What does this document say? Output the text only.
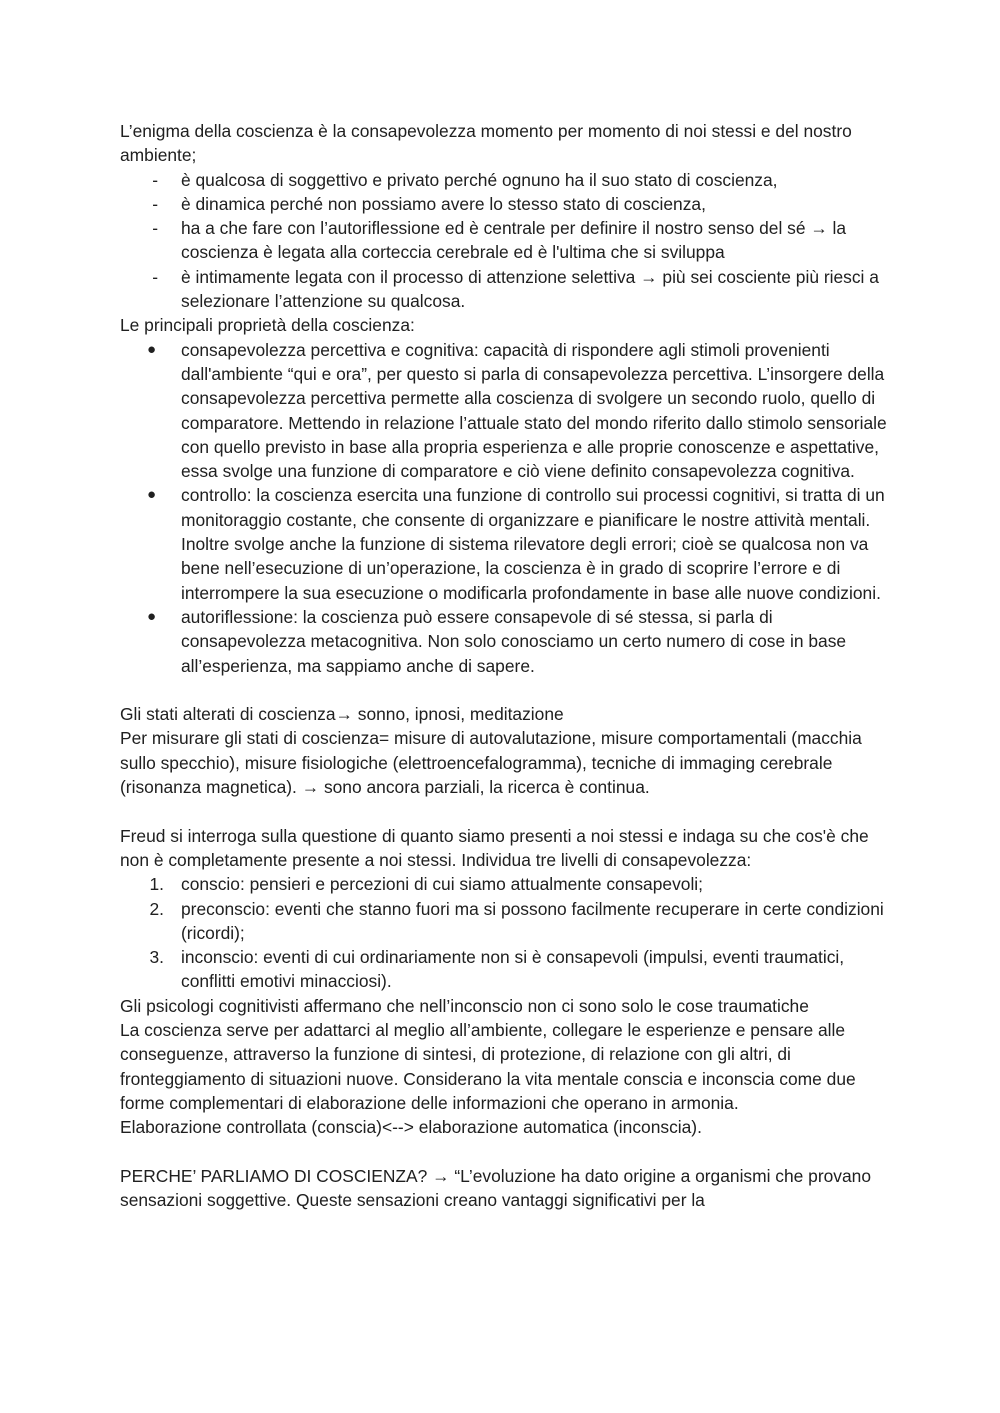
L’enigma della coscienza è la consapevolezza momento per momento di noi stessi e del nostro ambiente;

- è qualcosa di soggettivo e privato perché ognuno ha il suo stato di coscienza,
- è dinamica perché non possiamo avere lo stesso stato di coscienza,
- ha a che fare con l’autoriflessione ed è centrale per definire il nostro senso del sé → la coscienza è legata alla corteccia cerebrale ed è l'ultima che si sviluppa
- è intimamente legata con il processo di attenzione selettiva → più sei cosciente più riesci a selezionare l’attenzione su qualcosa.

Le principali proprietà della coscienza:

● consapevolezza percettiva e cognitiva: capacità di rispondere agli stimoli provenienti dall'ambiente “qui e ora”, per questo si parla di consapevolezza percettiva. L’insorgere della consapevolezza percettiva permette alla coscienza di svolgere un secondo ruolo, quello di comparatore. Mettendo in relazione l’attuale stato del mondo riferito dallo stimolo sensoriale con quello previsto in base alla propria esperienza e alle proprie conoscenze e aspettative, essa svolge una funzione di comparatore e ciò viene definito consapevolezza cognitiva.
● controllo: la coscienza esercita una funzione di controllo sui processi cognitivi, si tratta di un monitoraggio costante, che consente di organizzare e pianificare le nostre attività mentali. Inoltre svolge anche la funzione di sistema rilevatore degli errori; cioè se qualcosa non va bene nell’esecuzione di un’operazione, la coscienza è in grado di scoprire l’errore e di interrompere la sua esecuzione o modificarla profondamente in base alle nuove condizioni.
● autoriflessione: la coscienza può essere consapevole di sé stessa, si parla di consapevolezza metacognitiva. Non solo conosciamo un certo numero di cose in base all’esperienza, ma sappiamo anche di sapere.

Gli stati alterati di coscienza→ sonno, ipnosi, meditazione

Per misurare gli stati di coscienza= misure di autovalutazione, misure comportamentali (macchia sullo specchio), misure fisiologiche (elettroencefalogramma), tecniche di immaging cerebrale (risonanza magnetica). → sono ancora parziali, la ricerca è continua.

Freud si interroga sulla questione di quanto siamo presenti a noi stessi e indaga su che cos'è che non è completamente presente a noi stessi. Individua tre livelli di consapevolezza:

1. conscio: pensieri e percezioni di cui siamo attualmente consapevoli;
2. preconscio: eventi che stanno fuori ma si possono facilmente recuperare in certe condizioni (ricordi);
3. inconscio: eventi di cui ordinariamente non si è consapevoli (impulsi, eventi traumatici, conflitti emotivi minacciosi).

Gli psicologi cognitivisti affermano che nell’inconscio non ci sono solo le cose traumatiche

La coscienza serve per adattarci al meglio all’ambiente, collegare le esperienze e pensare alle conseguenze, attraverso la funzione di sintesi, di protezione, di relazione con gli altri, di fronteggiamento di situazioni nuove. Considerano la vita mentale conscia e inconscia come due forme complementari di elaborazione delle informazioni che operano in armonia.

Elaborazione controllata (conscia)<--> elaborazione automatica (inconscia).

PERCHE’ PARLIAMO DI COSCIENZA? → “L’evoluzione ha dato origine a organismi che provano sensazioni soggettive. Queste sensazioni creano vantaggi significativi per la
